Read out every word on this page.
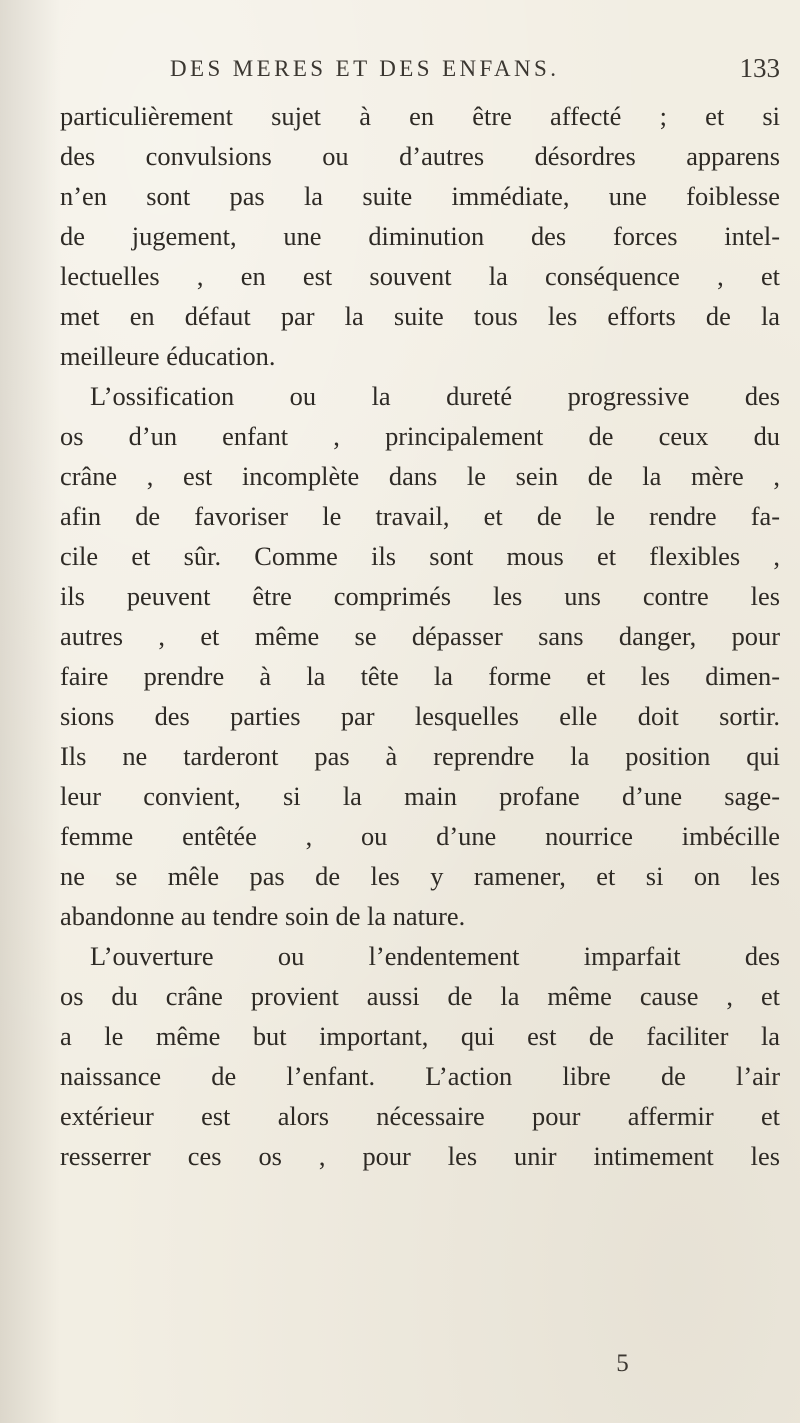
DES MERES ET DES ENFANS.	133
particulièrement sujet à en être affecté ; et si
des convulsions ou d’autres désordres apparens
n’en sont pas la suite immédiate, une foiblesse
de jugement, une diminution des forces intel-
lectuelles , en est souvent la conséquence , et
met en défaut par la suite tous les efforts de la
meilleure éducation.
L’ossification ou la dureté progressive des
os d’un enfant , principalement de ceux du
crâne , est incomplète dans le sein de la mère ,
afin de favoriser le travail, et de le rendre fa-
cile et sûr. Comme ils sont mous et flexibles ,
ils peuvent être comprimés les uns contre les
autres , et même se dépasser sans danger, pour
faire prendre à la tête la forme et les dimen-
sions des parties par lesquelles elle doit sortir.
Ils ne tarderont pas à reprendre la position qui
leur convient, si la main profane d’une sage-
femme entêtée , ou d’une nourrice imbécille
ne se mêle pas de les y ramener, et si on les
abandonne au tendre soin de la nature.
L’ouverture ou l’endentement imparfait des
os du crâne provient aussi de la même cause , et
a le même but important, qui est de faciliter la
naissance de l’enfant. L’action libre de l’air
extérieur est alors nécessaire pour affermir et
resserrer ces os , pour les unir intimement les
5
